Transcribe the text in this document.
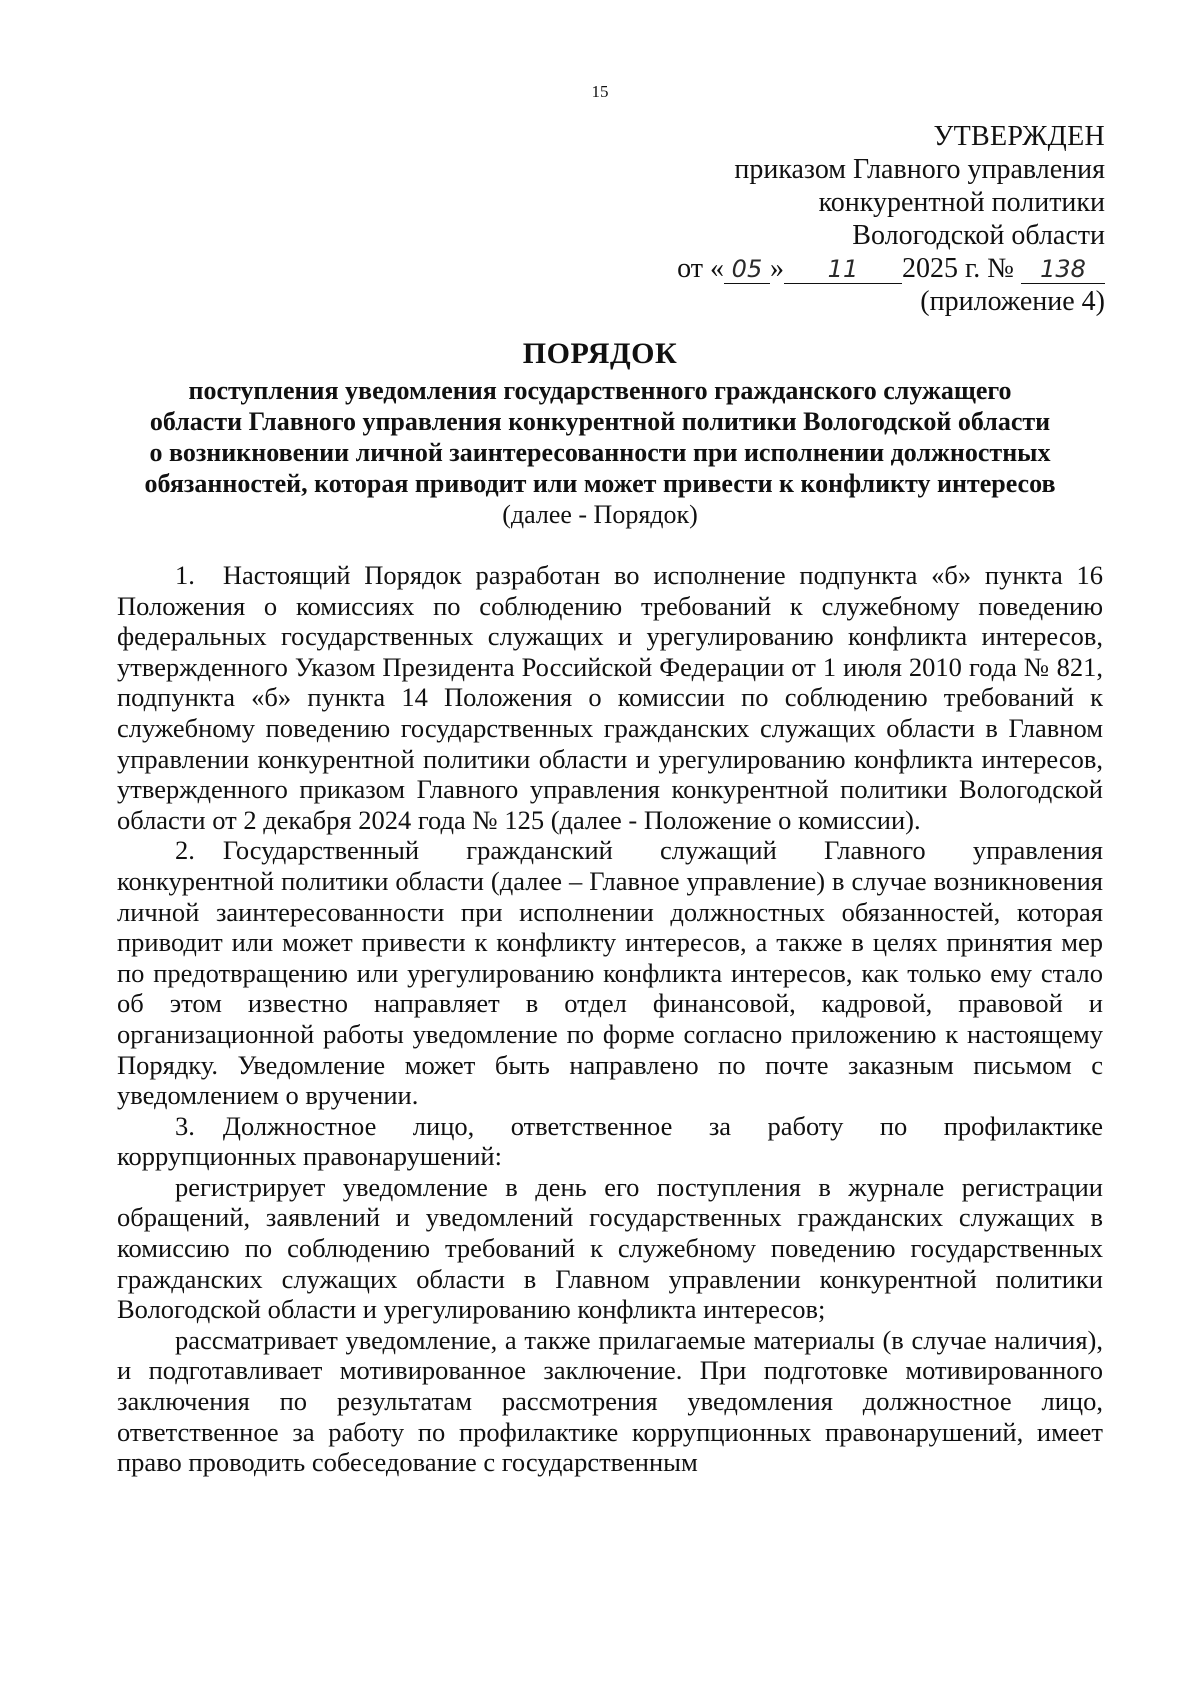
15
УТВЕРЖДЕН
приказом Главного управления
конкурентной политики
Вологодской области
от « 05 » 11 2025 г. № 138
(приложение 4)
ПОРЯДОК
поступления уведомления государственного гражданского служащего
области Главного управления конкурентной политики Вологодской области
о возникновении личной заинтересованности при исполнении должностных
обязанностей, которая приводит или может привести к конфликту интересов
(далее - Порядок)

1. Настоящий Порядок разработан во исполнение подпункта «б» пункта 16 Положения о комиссиях по соблюдению требований к служебному поведению федеральных государственных служащих и урегулированию конфликта интересов, утвержденного Указом Президента Российской Федерации от 1 июля 2010 года № 821, подпункта «б» пункта 14 Положения о комиссии по соблюдению требований к служебному поведению государственных гражданских служащих области в Главном управлении конкурентной политики области и урегулированию конфликта интересов, утвержденного приказом Главного управления конкурентной политики Вологодской области от 2 декабря 2024 года № 125 (далее - Положение о комиссии).

2. Государственный гражданский служащий Главного управления конкурентной политики области (далее – Главное управление) в случае возникновения личной заинтересованности при исполнении должностных обязанностей, которая приводит или может привести к конфликту интересов, а также в целях принятия мер по предотвращению или урегулированию конфликта интересов, как только ему стало об этом известно направляет в отдел финансовой, кадровой, правовой и организационной работы уведомление по форме согласно приложению к настоящему Порядку. Уведомление может быть направлено по почте заказным письмом с уведомлением о вручении.

3. Должностное лицо, ответственное за работу по профилактике коррупционных правонарушений:

регистрирует уведомление в день его поступления в журнале регистрации обращений, заявлений и уведомлений государственных гражданских служащих в комиссию по соблюдению требований к служебному поведению государственных гражданских служащих области в Главном управлении конкурентной политики Вологодской области и урегулированию конфликта интересов;

рассматривает уведомление, а также прилагаемые материалы (в случае наличия), и подготавливает мотивированное заключение. При подготовке мотивированного заключения по результатам рассмотрения уведомления должностное лицо, ответственное за работу по профилактике коррупционных правонарушений, имеет право проводить собеседование с государственным
